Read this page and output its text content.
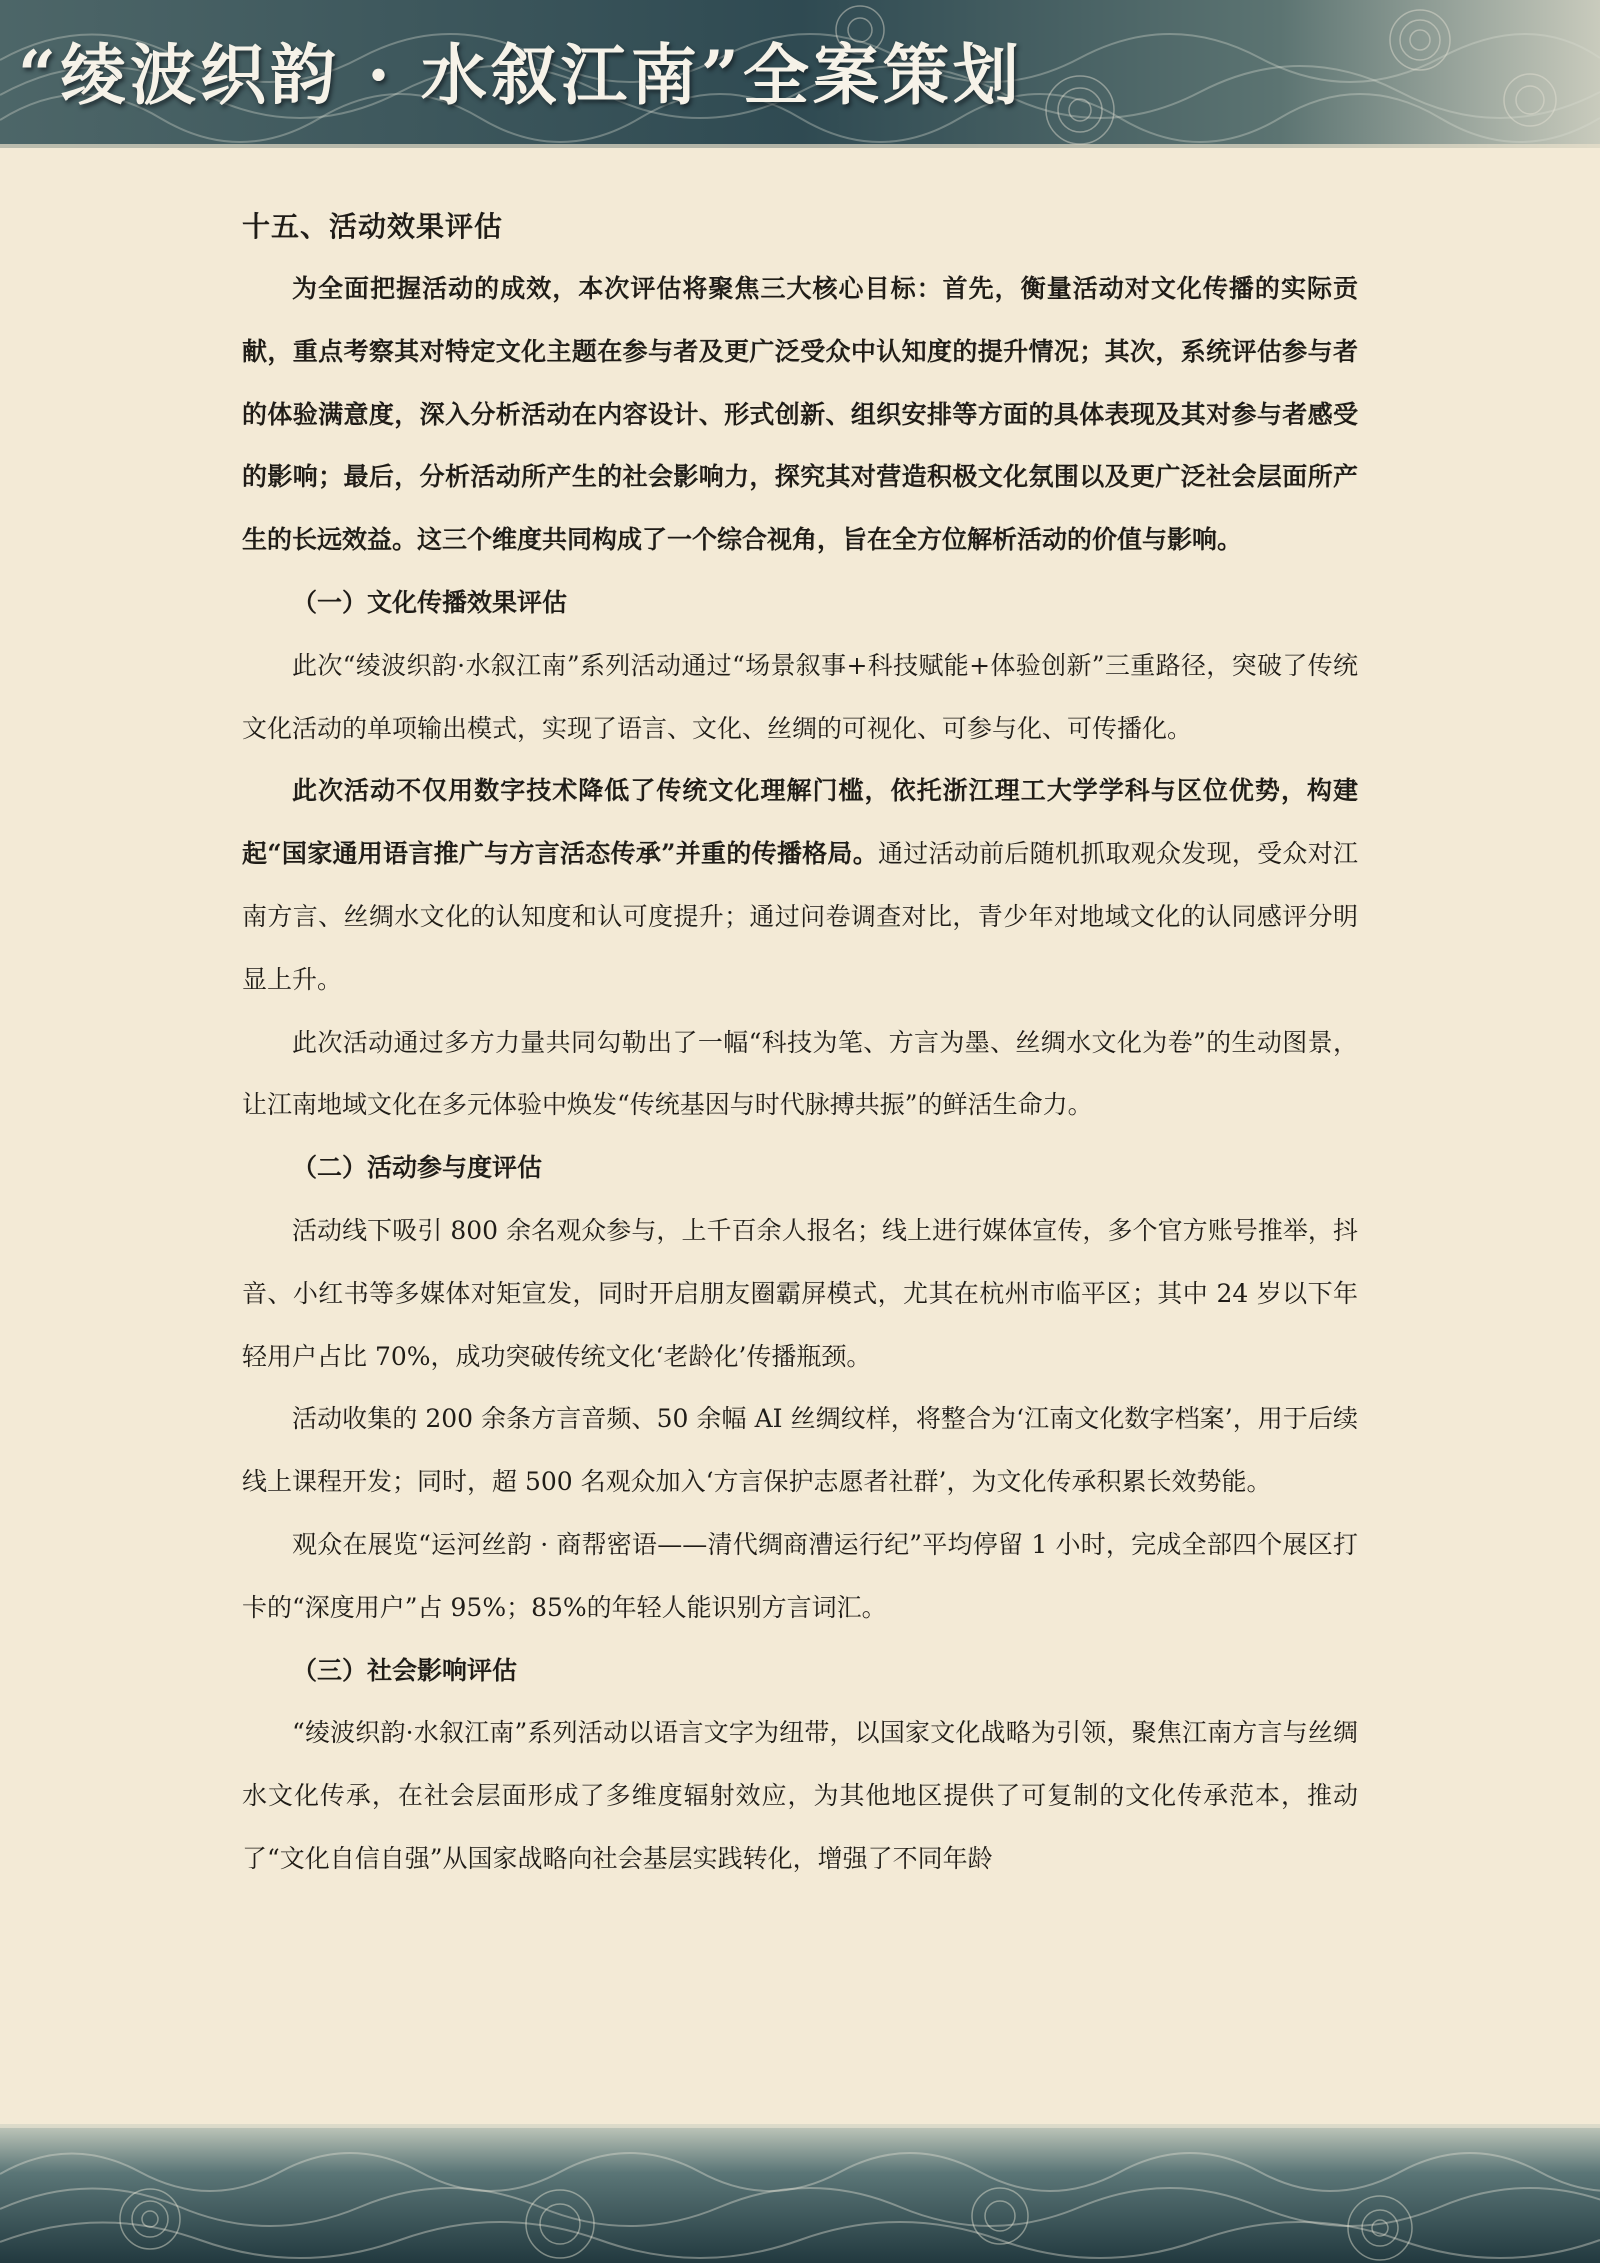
“绫波织韵 · 水叙江南”全案策划

十五、活动效果评估

为全面把握活动的成效，本次评估将聚焦三大核心目标：首先，衡量活动对文化传播的实际贡献，重点考察其对特定文化主题在参与者及更广泛受众中认知度的提升情况；其次，系统评估参与者的体验满意度，深入分析活动在内容设计、形式创新、组织安排等方面的具体表现及其对参与者感受的影响；最后，分析活动所产生的社会影响力，探究其对营造积极文化氛围以及更广泛社会层面所产生的长远效益。这三个维度共同构成了一个综合视角，旨在全方位解析活动的价值与影响。

（一）文化传播效果评估

此次“绫波织韵·水叙江南”系列活动通过“场景叙事+科技赋能+体验创新”三重路径，突破了传统文化活动的单项输出模式，实现了语言、文化、丝绸的可视化、可参与化、可传播化。

此次活动不仅用数字技术降低了传统文化理解门槛，依托浙江理工大学学科与区位优势，构建起“国家通用语言推广与方言活态传承”并重的传播格局。通过活动前后随机抓取观众发现，受众对江南方言、丝绸水文化的认知度和认可度提升；通过问卷调查对比，青少年对地域文化的认同感评分明显上升。

此次活动通过多方力量共同勾勒出了一幅“科技为笔、方言为墨、丝绸水文化为卷”的生动图景，让江南地域文化在多元体验中焕发“传统基因与时代脉搏共振”的鲜活生命力。

（二）活动参与度评估

活动线下吸引 800 余名观众参与，上千百余人报名；线上进行媒体宣传，多个官方账号推举，抖音、小红书等多媒体对矩宣发，同时开启朋友圈霸屏模式，尤其在杭州市临平区；其中 24 岁以下年轻用户占比 70%，成功突破传统文化‘老龄化’传播瓶颈。

活动收集的 200 余条方言音频、50 余幅 AI 丝绸纹样，将整合为‘江南文化数字档案’，用于后续线上课程开发；同时，超 500 名观众加入‘方言保护志愿者社群’，为文化传承积累长效势能。

观众在展览“运河丝韵 · 商帮密语——清代绸商漕运行纪”平均停留 1 小时，完成全部四个展区打卡的“深度用户”占 95%；85%的年轻人能识别方言词汇。

（三）社会影响评估

“绫波织韵·水叙江南”系列活动以语言文字为纽带，以国家文化战略为引领，聚焦江南方言与丝绸水文化传承，在社会层面形成了多维度辐射效应，为其他地区提供了可复制的文化传承范本，推动了“文化自信自强”从国家战略向社会基层实践转化，增强了不同年龄
